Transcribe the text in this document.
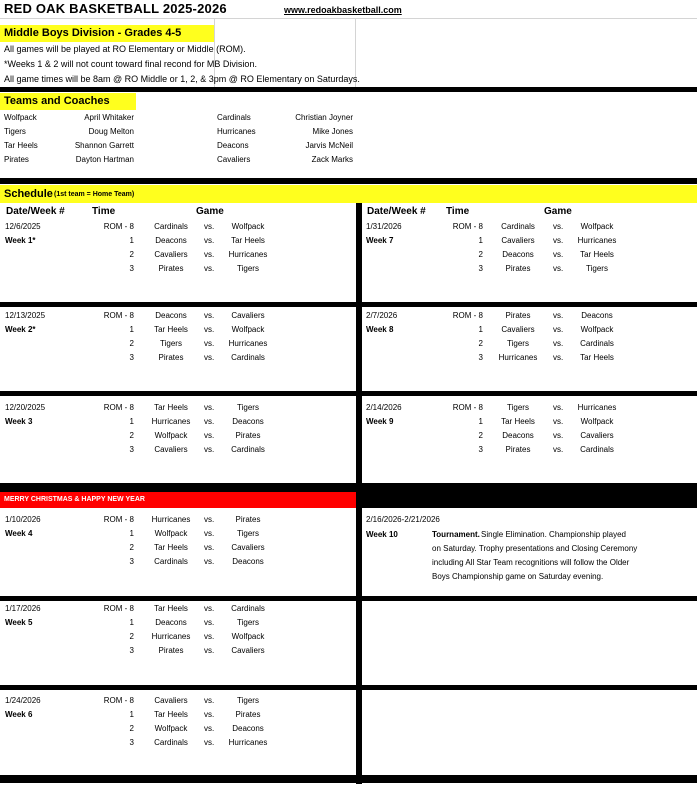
RED OAK BASKETBALL 2025-2026	www.redoakbasketball.com
Middle Boys Division - Grades 4-5
All games will be played at RO Elementary or Middle (ROM).
*Weeks 1 & 2 will not count toward final recond for MB Division.
All game times will be 8am @ RO Middle or 1, 2, & 3pm @ RO Elementary on Saturdays.
Teams and Coaches
Wolfpack	April Whitaker
Tigers	Doug Melton
Tar Heels	Shannon Garrett
Pirates	Dayton Hartman
Cardinals	Christian Joyner
Hurricanes	Mike Jones
Deacons	Jarvis McNeil
Cavaliers	Zack Marks
Schedule (1st team = Home Team)
Date/Week #	Time	Game	Date/Week # Time	Game
MERRY CHRISTMAS & HAPPY NEW YEAR
12/6/2025
Week 1*
ROM - 8	Cardinals vs. Wolfpack
1	Deacons vs. Tar Heels
2	Cavaliers vs. Hurricanes
3	Pirates	vs.	Tigers
12/13/2025
Week 2*
ROM - 8	Deacons vs. Cavaliers
1	Tar Heels vs. Wolfpack
2	Tigers	vs. Hurricanes
3	Pirates	vs. Cardinals
12/20/2025
Week 3
ROM - 8	Tar Heels vs.	Tigers
1 Hurricanes vs. Deacons
2	Wolfpack vs.	Pirates
3	Cavaliers vs. Cardinals
1/10/2026
Week 4
ROM - 8 Hurricanes vs.	Pirates
1	Wolfpack vs.	Tigers
2	Tar Heels vs. Cavaliers
3	Cardinals vs. Deacons
1/17/2026
Week 5
ROM - 8	Tar Heels vs. Cardinals
1	Deacons vs.	Tigers
2 Hurricanes vs. Wolfpack
3	Pirates	vs. Cavaliers
1/24/2026
Week 6
ROM - 8	Cavaliers vs.	Tigers
1	Tar Heels vs.	Pirates
2	Wolfpack vs. Deacons
3	Cardinals vs. Hurricanes
1/31/2026
Week 7
ROM - 8 Cardinals vs. Wolfpack
1 Cavaliers vs. Hurricanes
2 Deacons vs. Tar Heels
3	Pirates	vs.	Tigers
2/7/2026
Week 8
ROM - 8	Pirates	vs. Deacons
1 Cavaliers vs. Wolfpack
2	Tigers	vs. Cardinals
3 Hurricanes vs. Tar Heels
2/14/2026
Week 9
ROM - 8	Tigers	vs. Hurricanes
1 Tar Heels vs. Wolfpack
2 Deacons vs. Cavaliers
3	Pirates	vs. Cardinals
2/16/2026-2/21/2026
Week 10	Tournament. Single Elimination. Championship played
on Saturday. Trophy presentations and Closing Ceremony
including All Star Team recognitions will follow the Older
Boys Championship game on Saturday evening.
